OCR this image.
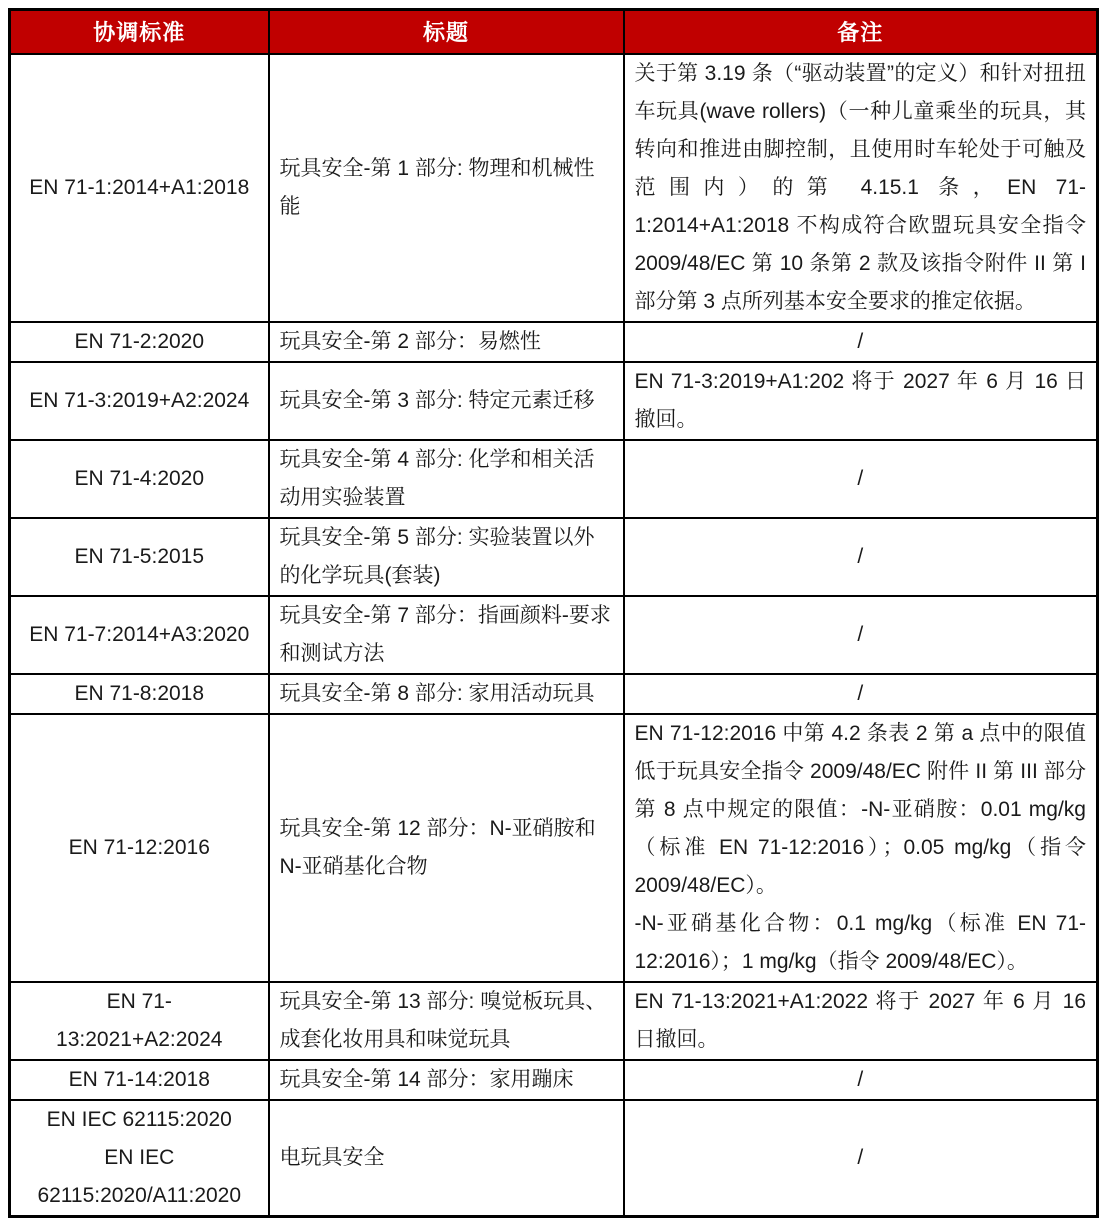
协调标准	标题	备注

EN 71-1:2014+A1:2018	玩具安全-第 1 部分: 物理和机械性能	关于第 3.19 条（“驱动装置”的定义）和针对扭扭车玩具(wave rollers)（一种儿童乘坐的玩具，其转向和推进由脚控制，且使用时车轮处于可触及范围内）的第 4.15.1 条，EN 71-1:2014+A1:2018 不构成符合欧盟玩具安全指令 2009/48/EC 第 10 条第 2 款及该指令附件 II 第 I 部分第 3 点所列基本安全要求的推定依据。

EN 71-2:2020	玩具安全-第 2 部分：易燃性	/

EN 71-3:2019+A2:2024	玩具安全-第 3 部分: 特定元素迁移	EN 71-3:2019+A1:202 将于 2027 年 6 月 16 日撤回。

EN 71-4:2020	玩具安全-第 4 部分: 化学和相关活动用实验装置	/

EN 71-5:2015	玩具安全-第 5 部分: 实验装置以外的化学玩具(套装)	/

EN 71-7:2014+A3:2020	玩具安全-第 7 部分：指画颜料-要求和测试方法	/

EN 71-8:2018	玩具安全-第 8 部分: 家用活动玩具	/

EN 71-12:2016	玩具安全-第 12 部分：N-亚硝胺和 N-亚硝基化合物	EN 71-12:2016 中第 4.2 条表 2 第 a 点中的限值低于玩具安全指令 2009/48/EC 附件 II 第 III 部分第 8 点中规定的限值：-N-亚硝胺：0.01 mg/kg（标准 EN 71-12:2016）；0.05 mg/kg（指令 2009/48/EC）。
-N-亚硝基化合物：0.1 mg/kg（标准 EN 71-12:2016）；1 mg/kg（指令 2009/48/EC）。

EN 71-
13:2021+A2:2024	玩具安全-第 13 部分: 嗅觉板玩具、成套化妆用具和味觉玩具	EN 71-13:2021+A1:2022 将于 2027 年 6 月 16 日撤回。

EN 71-14:2018	玩具安全-第 14 部分：家用蹦床	/

EN IEC 62115:2020
EN IEC
62115:2020/A11:2020	电玩具安全	/
